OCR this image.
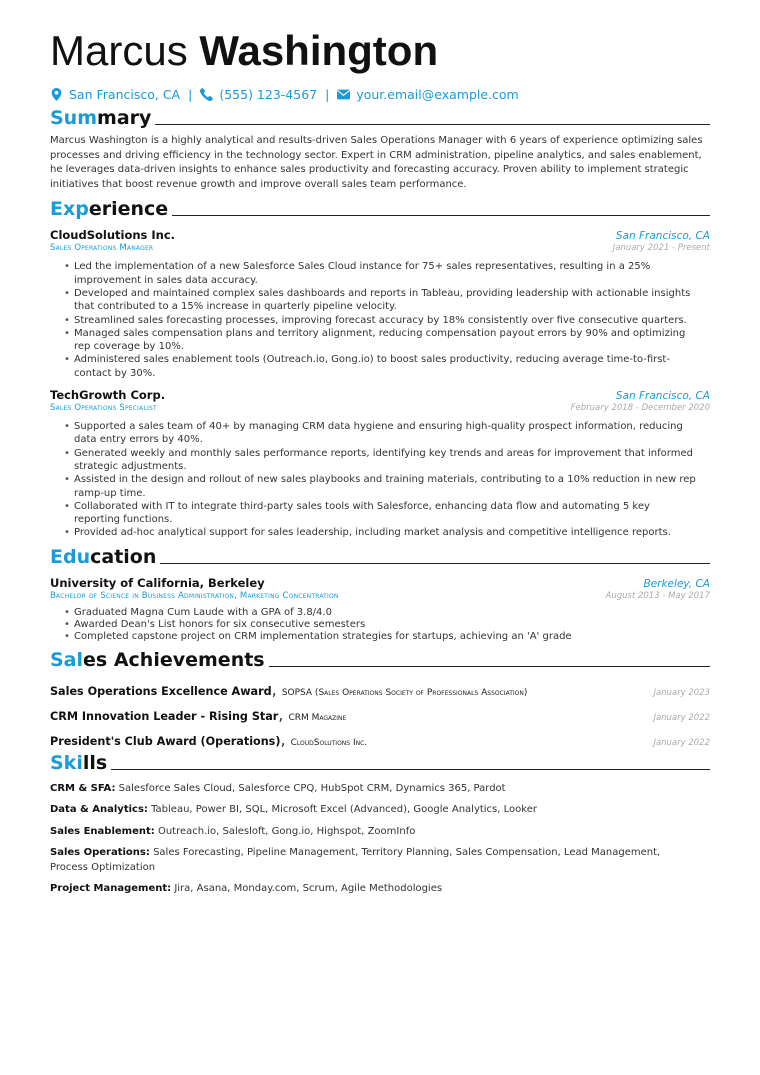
Marcus Washington
San Francisco, CA | (555) 123-4567 | your.email@example.com
Summary
Marcus Washington is a highly analytical and results-driven Sales Operations Manager with 6 years of experience optimizing sales processes and driving efficiency in the technology sector. Expert in CRM administration, pipeline analytics, and sales enablement, he leverages data-driven insights to enhance sales productivity and forecasting accuracy. Proven ability to implement strategic initiatives that boost revenue growth and improve overall sales team performance.
Experience
CloudSolutions Inc.	San Francisco, CA
Sales Operations Manager	January 2021 - Present
• Led the implementation of a new Salesforce Sales Cloud instance for 75+ sales representatives, resulting in a 25% improvement in sales data accuracy.
• Developed and maintained complex sales dashboards and reports in Tableau, providing leadership with actionable insights that contributed to a 15% increase in quarterly pipeline velocity.
• Streamlined sales forecasting processes, improving forecast accuracy by 18% consistently over five consecutive quarters.
• Managed sales compensation plans and territory alignment, reducing compensation payout errors by 90% and optimizing rep coverage by 10%.
• Administered sales enablement tools (Outreach.io, Gong.io) to boost sales productivity, reducing average time-to-first-contact by 30%.
TechGrowth Corp.	San Francisco, CA
Sales Operations Specialist	February 2018 - December 2020
• Supported a sales team of 40+ by managing CRM data hygiene and ensuring high-quality prospect information, reducing data entry errors by 40%.
• Generated weekly and monthly sales performance reports, identifying key trends and areas for improvement that informed strategic adjustments.
• Assisted in the design and rollout of new sales playbooks and training materials, contributing to a 10% reduction in new rep ramp-up time.
• Collaborated with IT to integrate third-party sales tools with Salesforce, enhancing data flow and automating 5 key reporting functions.
• Provided ad-hoc analytical support for sales leadership, including market analysis and competitive intelligence reports.
Education
University of California, Berkeley	Berkeley, CA
Bachelor of Science in Business Administration, Marketing Concentration	August 2013 - May 2017
• Graduated Magna Cum Laude with a GPA of 3.8/4.0
• Awarded Dean's List honors for six consecutive semesters
• Completed capstone project on CRM implementation strategies for startups, achieving an 'A' grade
Sales Achievements
Sales Operations Excellence Award, SOPSA (Sales Operations Society of Professionals Association)	January 2023
CRM Innovation Leader - Rising Star, CRM Magazine	January 2022
President's Club Award (Operations), CloudSolutions Inc.	January 2022
Skills
CRM & SFA: Salesforce Sales Cloud, Salesforce CPQ, HubSpot CRM, Dynamics 365, Pardot
Data & Analytics: Tableau, Power BI, SQL, Microsoft Excel (Advanced), Google Analytics, Looker
Sales Enablement: Outreach.io, Salesloft, Gong.io, Highspot, ZoomInfo
Sales Operations: Sales Forecasting, Pipeline Management, Territory Planning, Sales Compensation, Lead Management, Process Optimization
Project Management: Jira, Asana, Monday.com, Scrum, Agile Methodologies
